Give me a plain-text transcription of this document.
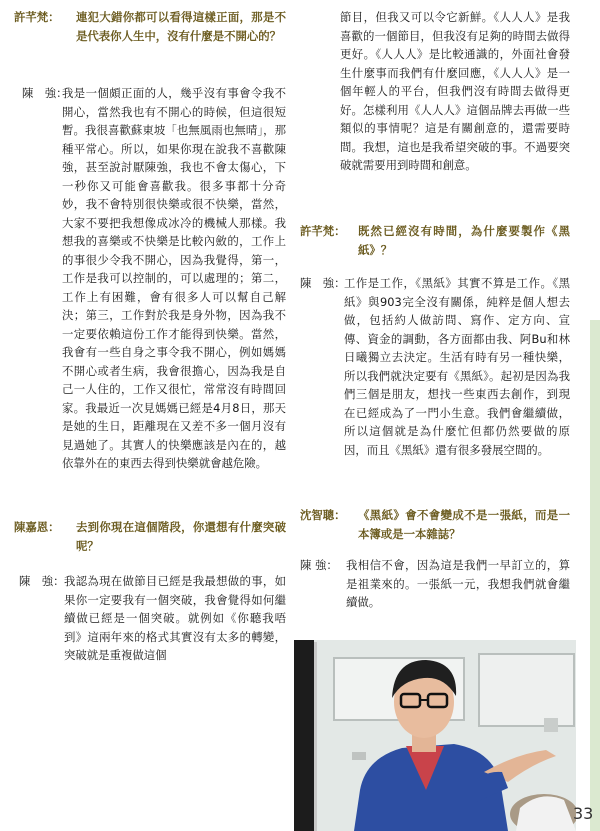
許芊梵：	連犯大錯你都可以看得這樣正面，那是不是代表你人生中，沒有什麼是不開心的？

陳　強：

我是一個頗正面的人，幾乎沒有事會令我不開心，當然我也有不開心的時候，但這很短暫。我很喜歡蘇東坡「也無風雨也無晴」，那種平常心。所以，如果你現在說我不喜歡陳強，甚至說討厭陳強，我也不會太傷心，下一秒你又可能會喜歡我。很多事都十分奇妙，我不會特別很快樂或很不快樂，當然，大家不要把我想像成冰冷的機械人那樣。我想我的喜樂或不快樂是比較內斂的，工作上的事很少令我不開心，因為我覺得，第一，工作是我可以控制的，可以處理的；第二，工作上有困難，會有很多人可以幫自己解決；第三，工作對於我是身外物，因為我不一定要依賴這份工作才能得到快樂。當然，我會有一些自身之事令我不開心，例如媽媽不開心或者生病，我會很擔心，因為我是自己一人住的，工作又很忙，常常沒有時間回家。我最近一次見媽媽已經是4月8日，那天是她的生日，距離現在又差不多一個月沒有見過她了。其實人的快樂應該是內在的，越依靠外在的東西去得到快樂就會越危險。

陳嘉恩：	去到你現在這個階段，你還想有什麼突破呢？

陳　強： 我認為現在做節目已經是我最想做的事，如果你一定要我有一個突破，我會覺得如何繼續做已經是一個突破。就例如《你聽我唔到》這兩年來的格式其實沒有太多的轉變，突破就是重複做這個

節目，但我又可以令它新鮮。《人人人》是我喜歡的一個節目，但我沒有足夠的時間去做得更好。《人人人》是比較通識的，外面社會發生什麼事而我們有什麼回應，《人人人》是一個年輕人的平台，但我們沒有時間去做得更好。怎樣利用《人人人》這個品牌去再做一些類似的事情呢？這是有關創意的，還需要時間。我想，這也是我希望突破的事。不過要突破就需要用到時間和創意。

許芊梵：	既然已經沒有時間，為什麼要製作《黑紙》？

陳　強：

工作是工作，《黑紙》其實不算是工作。《黑紙》與903完全沒有關係，純粹是個人想去做，包括約人做訪問、寫作、定方向、宣傳、資金的調動，各方面都由我、阿Bu和林日曦獨立去決定。生活有時有另一種快樂，所以我們就決定要有《黑紙》。起初是因為我們三個是朋友，想找一些東西去創作，到現在已經成為了一門小生意。我們會繼續做，所以這個就是為什麼忙但都仍然要做的原因，而且《黑紙》還有很多發展空間的。

沈智聰：	《黑紙》會不會變成不是一張紙，而是一本簿或是一本雜誌？

陳 強： 我相信不會，因為這是我們一早訂立的，算是祖業來的。一張紙一元，我想我們就會繼續做。

33
